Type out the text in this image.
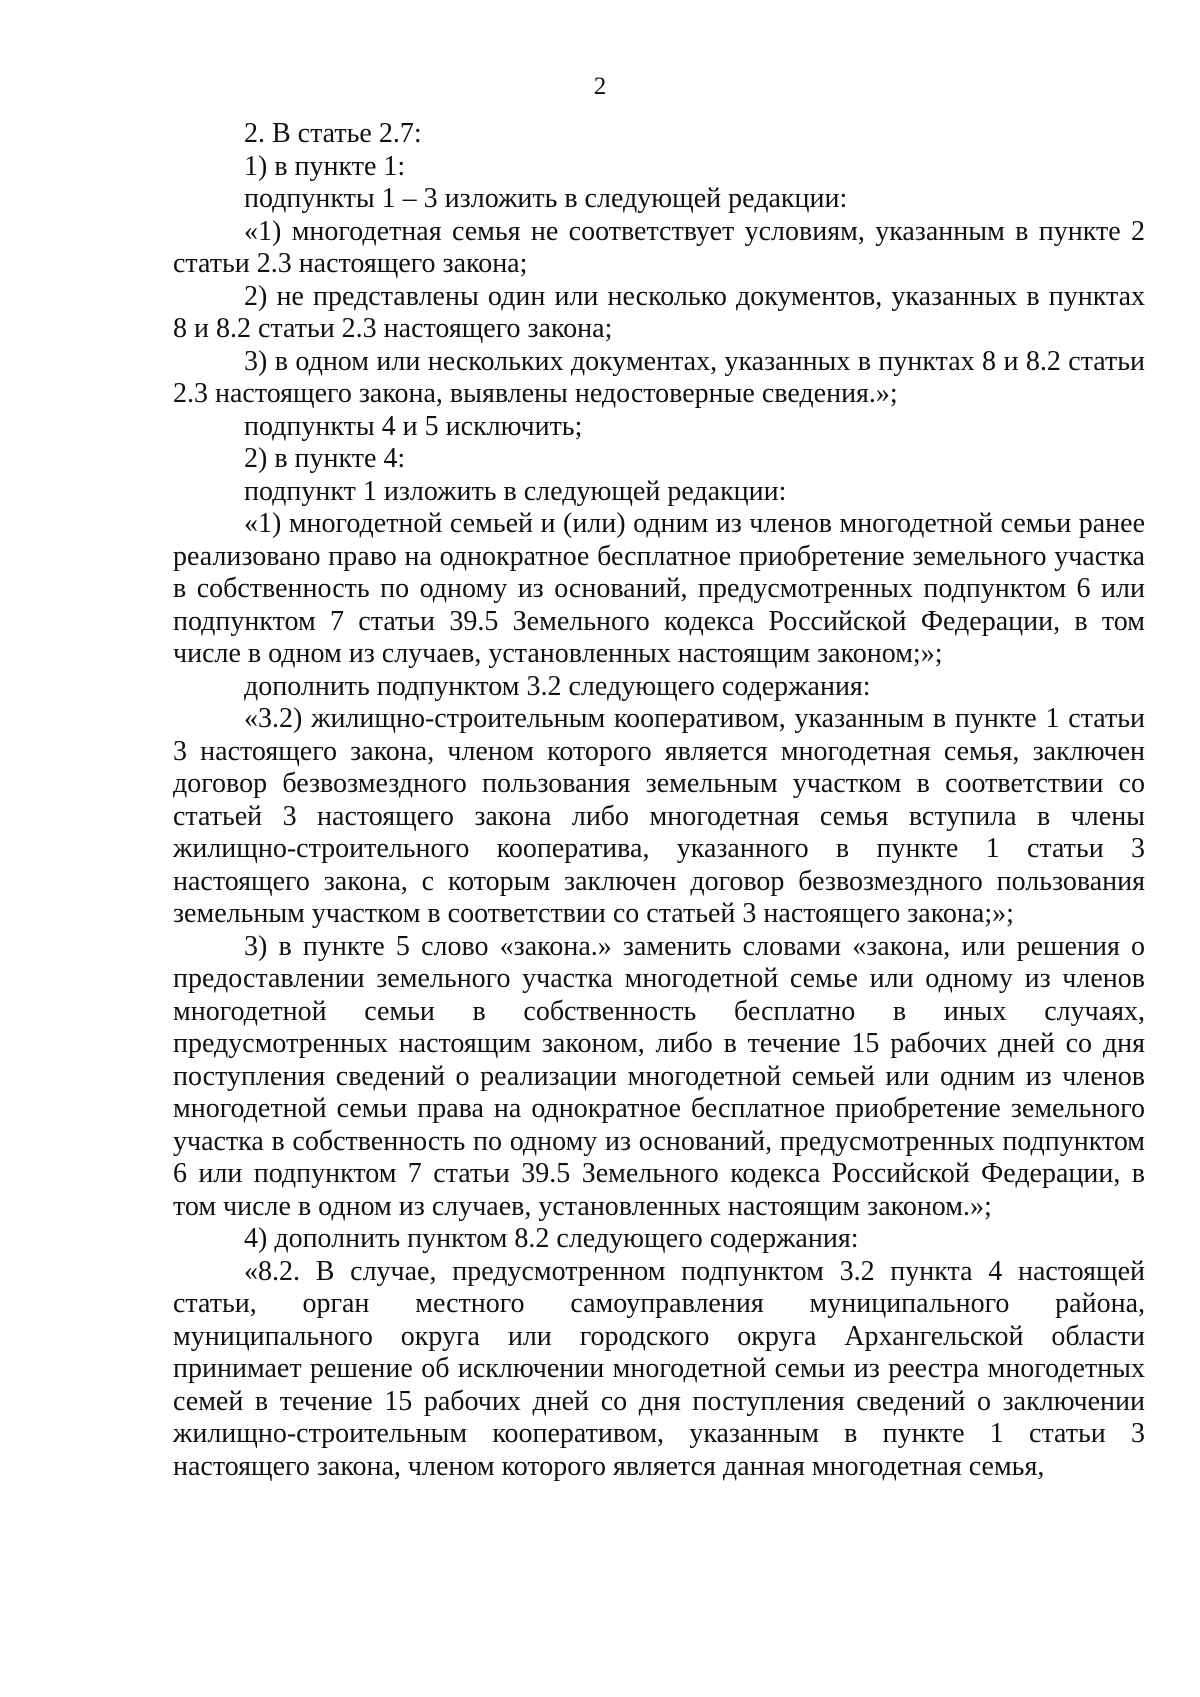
2

2. В статье 2.7:

1) в пункте 1:

подпункты 1 – 3 изложить в следующей редакции:

«1) многодетная семья не соответствует условиям, указанным в пункте 2 статьи 2.3 настоящего закона;

2) не представлены один или несколько документов, указанных в пунктах 8 и 8.2 статьи 2.3 настоящего закона;

3) в одном или нескольких документах, указанных в пунктах 8 и 8.2 статьи 2.3 настоящего закона, выявлены недостоверные сведения.»;

подпункты 4 и 5 исключить;

2) в пункте 4:

подпункт 1 изложить в следующей редакции:

«1) многодетной семьей и (или) одним из членов многодетной семьи ранее реализовано право на однократное бесплатное приобретение земельного участка в собственность по одному из оснований, предусмотренных подпунктом 6 или подпунктом 7 статьи 39.5 Земельного кодекса Российской Федерации, в том числе в одном из случаев, установленных настоящим законом;»;

дополнить подпунктом 3.2 следующего содержания:

«3.2) жилищно-строительным кооперативом, указанным в пункте 1 статьи 3 настоящего закона, членом которого является многодетная семья, заключен договор безвозмездного пользования земельным участком в соответствии со статьей 3 настоящего закона либо многодетная семья вступила в члены жилищно-строительного кооператива, указанного в пункте 1 статьи 3 настоящего закона, с которым заключен договор безвозмездного пользования земельным участком в соответствии со статьей 3 настоящего закона;»;

3) в пункте 5 слово «закона.» заменить словами «закона, или решения о предоставлении земельного участка многодетной семье или одному из членов многодетной семьи в собственность бесплатно в иных случаях, предусмотренных настоящим законом, либо в течение 15 рабочих дней со дня поступления сведений о реализации многодетной семьей или одним из членов многодетной семьи права на однократное бесплатное приобретение земельного участка в собственность по одному из оснований, предусмотренных подпунктом 6 или подпунктом 7 статьи 39.5 Земельного кодекса Российской Федерации, в том числе в одном из случаев, установленных настоящим законом.»;

4) дополнить пунктом 8.2 следующего содержания:

«8.2. В случае, предусмотренном подпунктом 3.2 пункта 4 настоящей статьи, орган местного самоуправления муниципального района, муниципального округа или городского округа Архангельской области принимает решение об исключении многодетной семьи из реестра многодетных семей в течение 15 рабочих дней со дня поступления сведений о заключении жилищно-строительным кооперативом, указанным в пункте 1 статьи 3 настоящего закона, членом которого является данная многодетная семья,
